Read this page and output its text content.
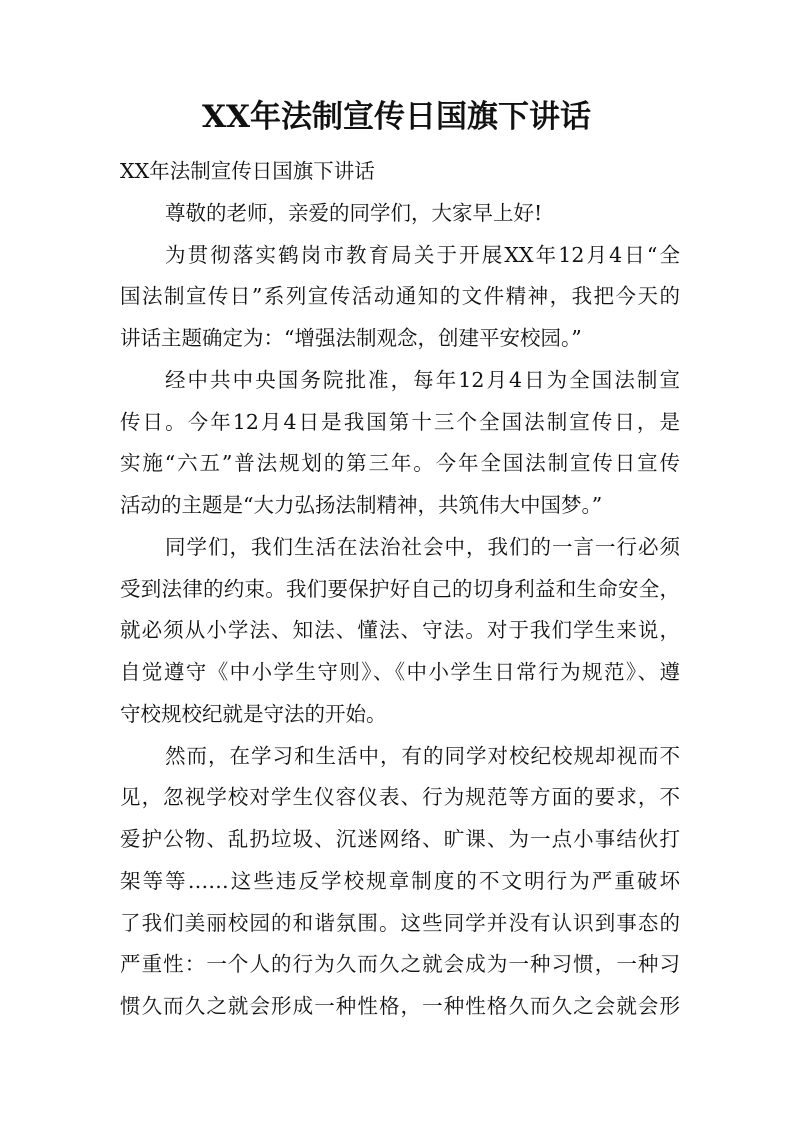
XX年法制宣传日国旗下讲话
XX年法制宣传日国旗下讲话
尊敬的老师，亲爱的同学们，大家早上好!
为贯彻落实鹤岗市教育局关于开展XX年12月4日“全
国法制宣传日”系列宣传活动通知的文件精神，我把今天的
讲话主题确定为：“增强法制观念，创建平安校园。”
经中共中央国务院批准，每年12月4日为全国法制宣
传日。今年12月4日是我国第十三个全国法制宣传日，是
实施“六五”普法规划的第三年。今年全国法制宣传日宣传
活动的主题是“大力弘扬法制精神，共筑伟大中国梦。”
同学们，我们生活在法治社会中，我们的一言一行必须
受到法律的约束。我们要保护好自己的切身利益和生命安全，
就必须从小学法、知法、懂法、守法。对于我们学生来说，
自觉遵守《中小学生守则》、《中小学生日常行为规范》、遵
守校规校纪就是守法的开始。
然而，在学习和生活中，有的同学对校纪校规却视而不
见，忽视学校对学生仪容仪表、行为规范等方面的要求，不
爱护公物、乱扔垃圾、沉迷网络、旷课、为一点小事结伙打
架等等……这些违反学校规章制度的不文明行为严重破坏
了我们美丽校园的和谐氛围。这些同学并没有认识到事态的
严重性：一个人的行为久而久之就会成为一种习惯，一种习
惯久而久之就会形成一种性格，一种性格久而久之会就会形
